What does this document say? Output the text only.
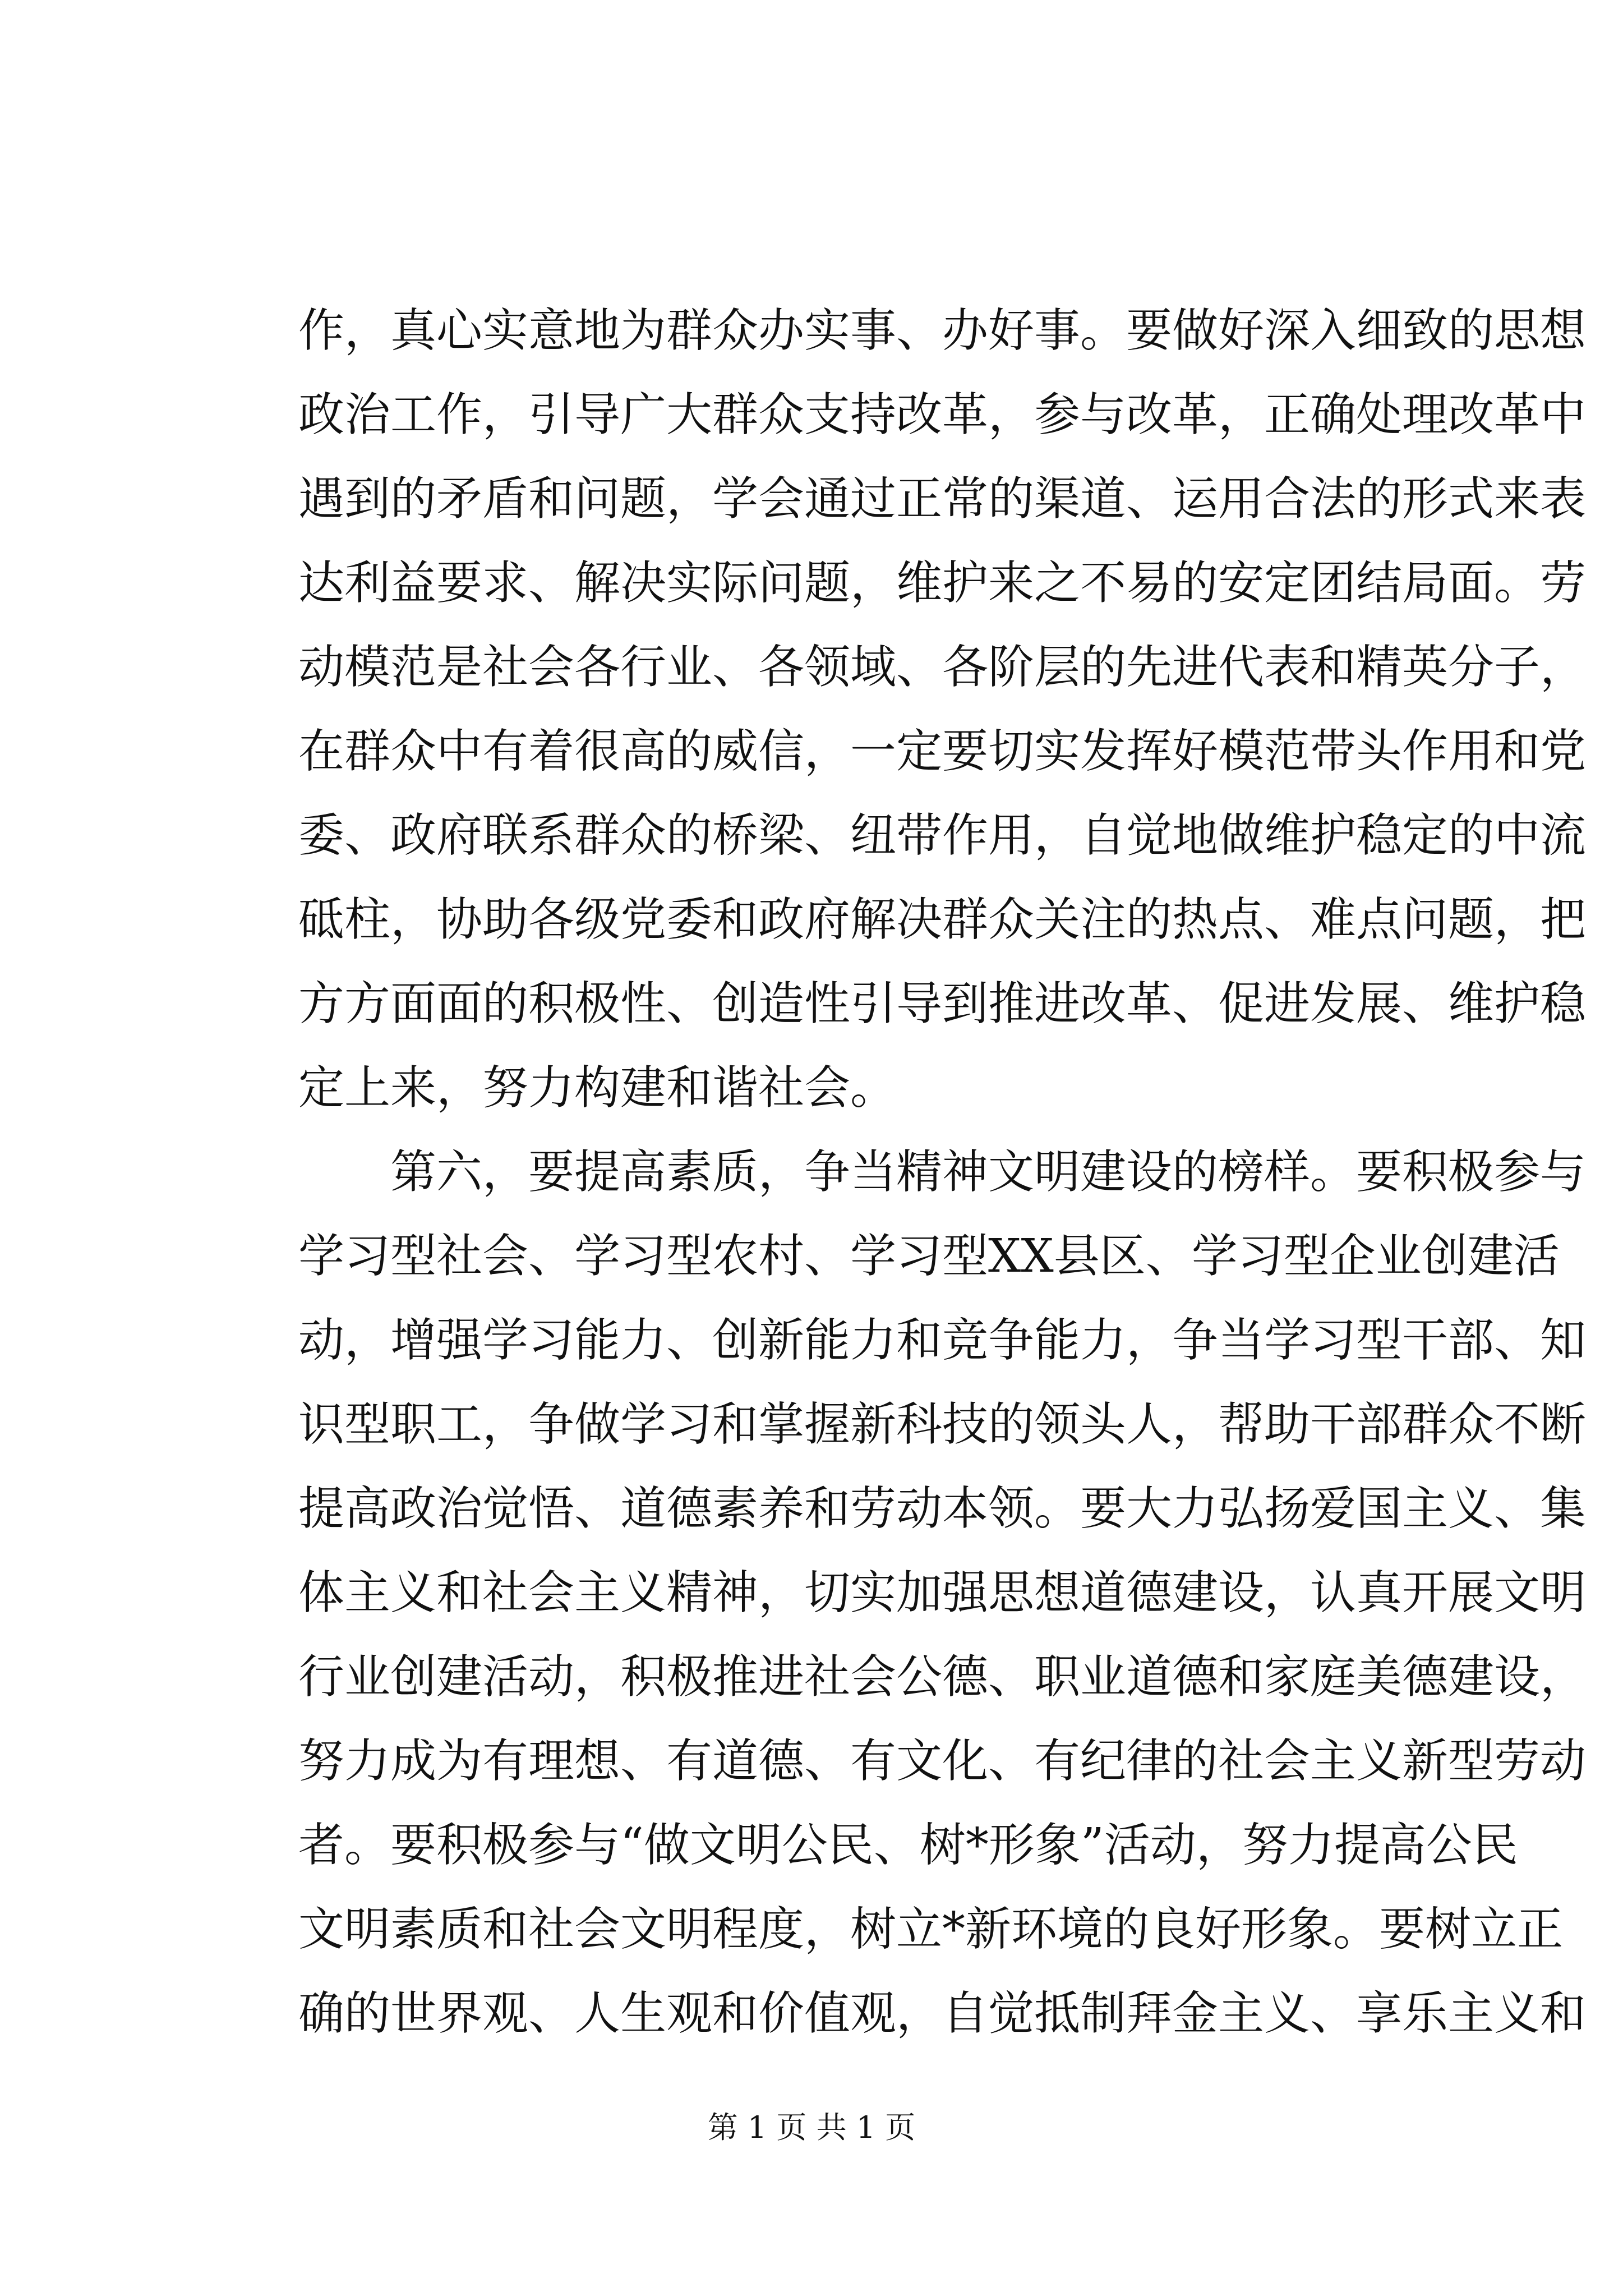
作，真心实意地为群众办实事、办好事。要做好深入细致的思想
政治工作，引导广大群众支持改革，参与改革，正确处理改革中
遇到的矛盾和问题，学会通过正常的渠道、运用合法的形式来表
达利益要求、解决实际问题，维护来之不易的安定团结局面。劳
动模范是社会各行业、各领域、各阶层的先进代表和精英分子，
在群众中有着很高的威信，一定要切实发挥好模范带头作用和党
委、政府联系群众的桥梁、纽带作用，自觉地做维护稳定的中流
砥柱，协助各级党委和政府解决群众关注的热点、难点问题，把
方方面面的积极性、创造性引导到推进改革、促进发展、维护稳
定上来，努力构建和谐社会。
第六，要提高素质，争当精神文明建设的榜样。要积极参与
学习型社会、学习型农村、学习型XX县区、学习型企业创建活
动，增强学习能力、创新能力和竞争能力，争当学习型干部、知
识型职工，争做学习和掌握新科技的领头人，帮助干部群众不断
提高政治觉悟、道德素养和劳动本领。要大力弘扬爱国主义、集
体主义和社会主义精神，切实加强思想道德建设，认真开展文明
行业创建活动，积极推进社会公德、职业道德和家庭美德建设，
努力成为有理想、有道德、有文化、有纪律的社会主义新型劳动
者。要积极参与“做文明公民、树*形象”活动，努力提高公民
文明素质和社会文明程度，树立*新环境的良好形象。要树立正
确的世界观、人生观和价值观，自觉抵制拜金主义、享乐主义和
第 1 页 共 1 页
